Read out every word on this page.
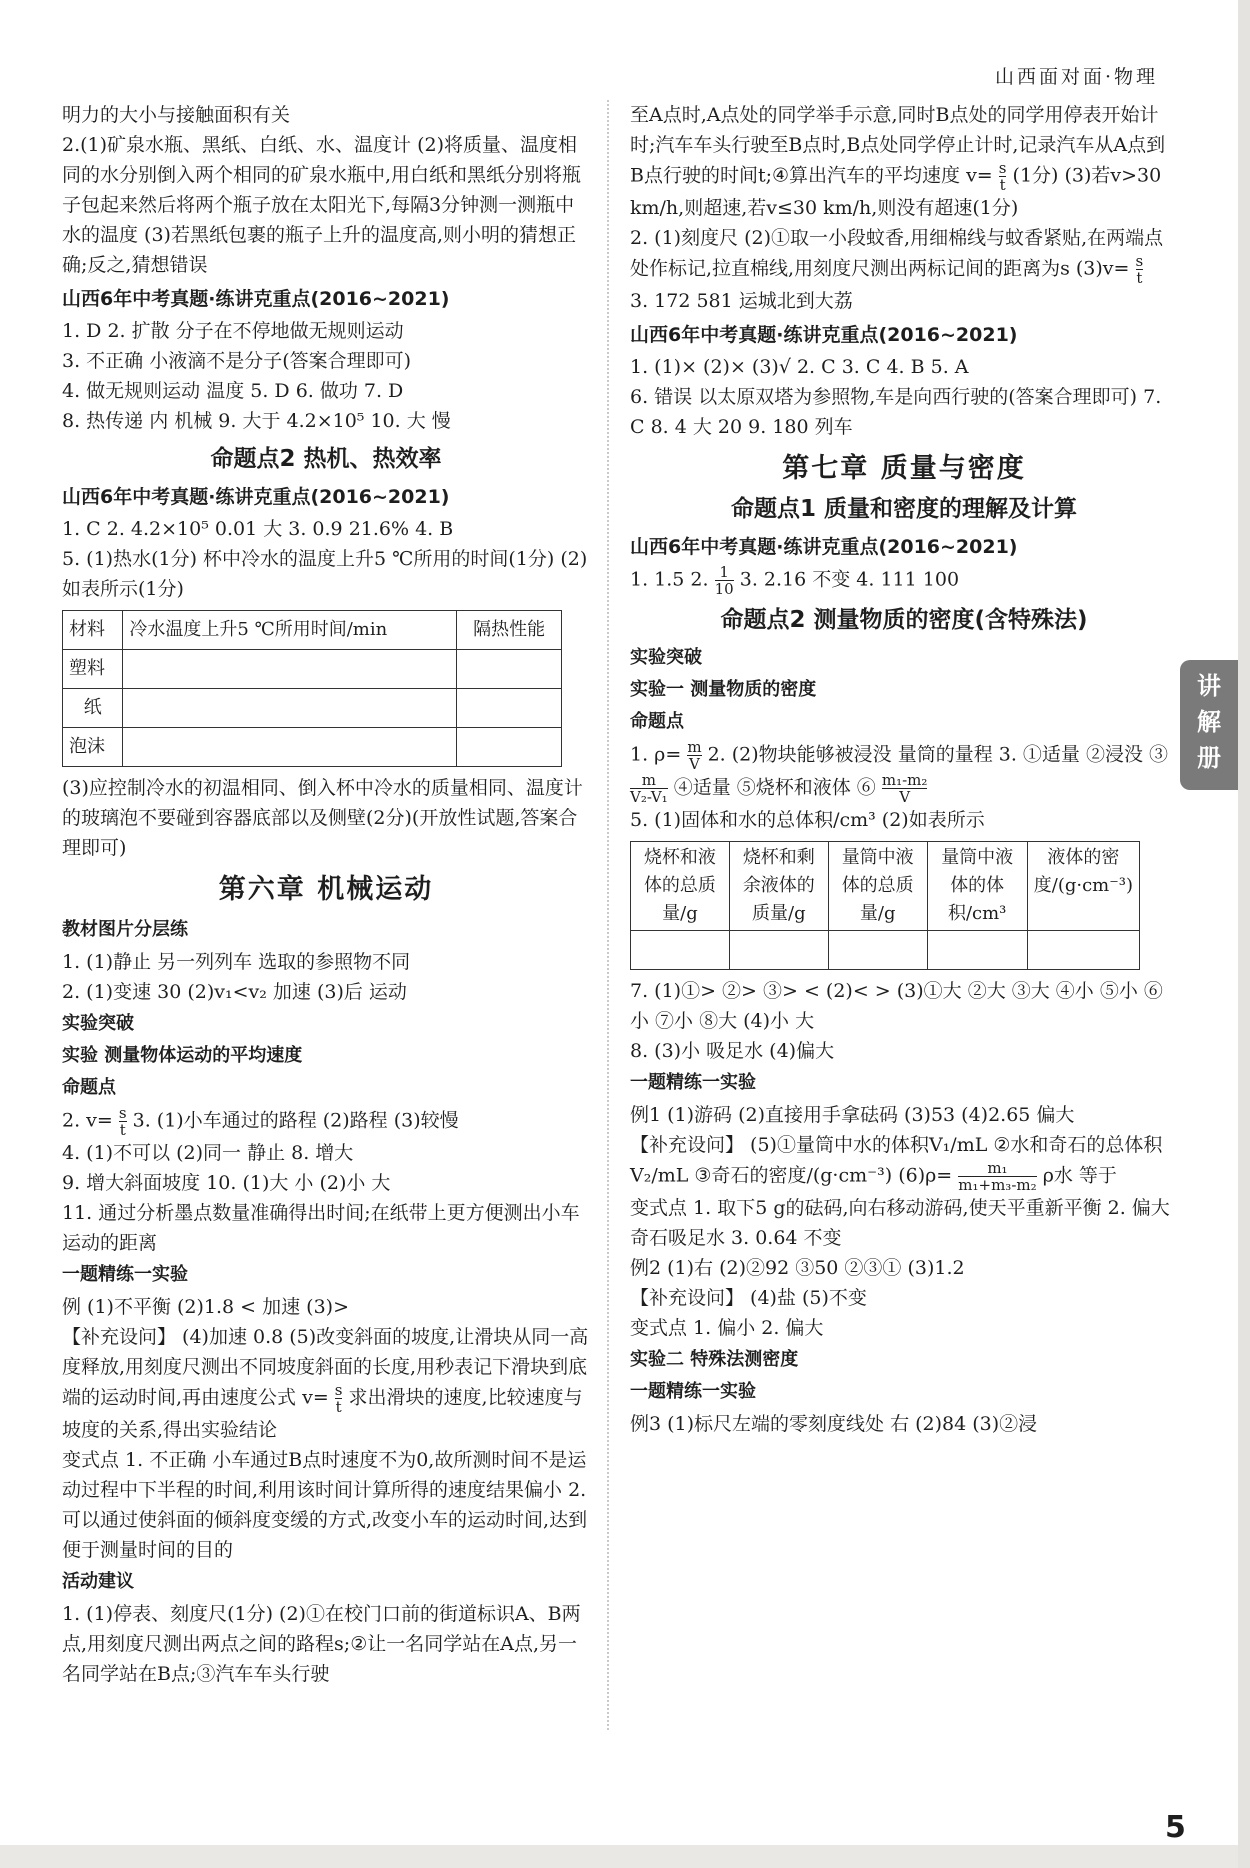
山西面对面·物理

明力的大小与接触面积有关

2.(1)矿泉水瓶、黑纸、白纸、水、温度计 (2)将质量、温度相同的水分别倒入两个相同的矿泉水瓶中,用白纸和黑纸分别将瓶子包起来然后将两个瓶子放在太阳光下,每隔3分钟测一测瓶中水的温度 (3)若黑纸包裹的瓶子上升的温度高,则小明的猜想正确;反之,猜想错误

山西6年中考真题·练讲克重点(2016~2021)

1. D 2. 扩散 分子在不停地做无规则运动

3. 不正确 小液滴不是分子(答案合理即可)

4. 做无规则运动 温度 5. D 6. 做功 7. D

8. 热传递 内 机械 9. 大于 4.2×10⁵ 10. 大 慢

命题点2 热机、热效率
山西6年中考真题·练讲克重点(2016~2021)

1. C 2. 4.2×10⁵ 0.01 大 3. 0.9 21.6% 4. B

5. (1)热水(1分) 杯中冷水的温度上升5 ℃所用的时间(1分) (2)如表所示(1分)

材料	冷水温度上升5 ℃所用时间/min	隔热性能
塑料		
纸		
泡沫		

(3)应控制冷水的初温相同、倒入杯中冷水的质量相同、温度计的玻璃泡不要碰到容器底部以及侧壁(2分)(开放性试题,答案合理即可)

第六章 机械运动
教材图片分层练

1. (1)静止 另一列列车 选取的参照物不同

2. (1)变速 30 (2)v₁<v₂ 加速 (3)后 运动

实验突破
实验 测量物体运动的平均速度
命题点

2. $v= \frac{s}{t} 3$. (1)小车通过的路程 (2)路程 (3)较慢

4. (1)不可以 (2)同一 静止 8. 增大

9. 增大斜面坡度 10. (1)大 小 (2)小 大

11. 通过分析墨点数量准确得出时间;在纸带上更方便测出小车运动的距离

一题精练一实验

例 (1)不平衡 (2)1.8 < 加速 (3)>

【补充设问】 (4)加速 0.8 (5)改变斜面的坡度,让滑块从同一高度释放,用刻度尺测出不同坡度斜面的长度,用秒表记下滑块到底端的运动时间,再由速度公式 $v= \frac{s}{t}$ 求出滑块的速度,比较速度与坡度的关系,得出实验结论

变式点 1. 不正确 小车通过B点时速度不为0,故所测时间不是运动过程中下半程的时间,利用该时间计算所得的速度结果偏小 2. 可以通过使斜面的倾斜度变缓的方式,改变小车的运动时间,达到便于测量时间的目的

活动建议

1. (1)停表、刻度尺(1分) (2)①在校门口前的街道标识A、B两点,用刻度尺测出两点之间的路程s;②让一名同学站在A点,另一名同学站在B点;③汽车车头行驶

至A点时,A点处的同学举手示意,同时B点处的同学用停表开始计时;汽车车头行驶至B点时,B点处同学停止计时,记录汽车从A点到B点行驶的时间t;④算出汽车的平均速度 $v= \frac{s}{t} (1$分) (3)若v>30 km/h,则超速,若v≤30 km/h,则没有超速(1分)

2. (1)刻度尺 (2)①取一小段蚊香,用细棉线与蚊香紧贴,在两端点处作标记,拉直棉线,用刻度尺测出两标记间的距离为s $(3)v= \frac{s}{t}$

3. 172 581 运城北到大荔

山西6年中考真题·练讲克重点(2016~2021)

1. (1)× (2)× (3)√ 2. C 3. C 4. B 5. A

6. 错误 以太原双塔为参照物,车是向西行驶的(答案合理即可) 7. C 8. 4 大 20 9. 180 列车

第七章 质量与密度
命题点1 质量和密度的理解及计算
山西6年中考真题·练讲克重点(2016~2021)

1. 1.5 2. $\frac{1}{10} 3$. 2.16 不变 4. 111 100

命题点2 测量物质的密度(含特殊法)
实验突破
实验一 测量物质的密度
命题点

1. $\rho= \frac{m}{V} 2$. (2)物块能够被浸没 量筒的量程 3. ①适量 ②浸没 ③
$\frac{m}{\text{V₂-V₁}}$ ④适量 ⑤烧杯和液体 ⑥ $\frac{\text{m₁-m₂}}{V}$

5. (1)固体和水的总体积/cm³ (2)如表所示

烧杯和液体的总质量/g	烧杯和剩余液体的质量/g	量筒中液体的总质量/g	量筒中液体的体积/cm³	液体的密度/(g·cm⁻³)

7. (1)①> ②> ③> < (2)< > (3)①大 ②大 ③大 ④小 ⑤小 ⑥小 ⑦小 ⑧大 (4)小 大

8. (3)小 吸足水 (4)偏大

一题精练一实验

例1 (1)游码 (2)直接用手拿砝码 (3)53 (4)2.65 偏大

【补充设问】 (5)①量筒中水的体积V₁/mL ②水和奇石的总体积V₂/mL ③奇石的密度/(g·cm⁻³) $(6)\rho= \frac{\text{m₁}}{\text{m₁+m₃-m₂}}$ ρ水 等于

变式点 1. 取下5 g的砝码,向右移动游码,使天平重新平衡 2. 偏大 奇石吸足水 3. 0.64 不变

例2 (1)右 (2)②92 ③50 ②③① (3)1.2

【补充设问】 (4)盐 (5)不变

变式点 1. 偏小 2. 偏大

实验二 特殊法测密度
一题精练一实验

例3 (1)标尺左端的零刻度线处 右 (2)84 (3)②浸

讲
解
册
5
